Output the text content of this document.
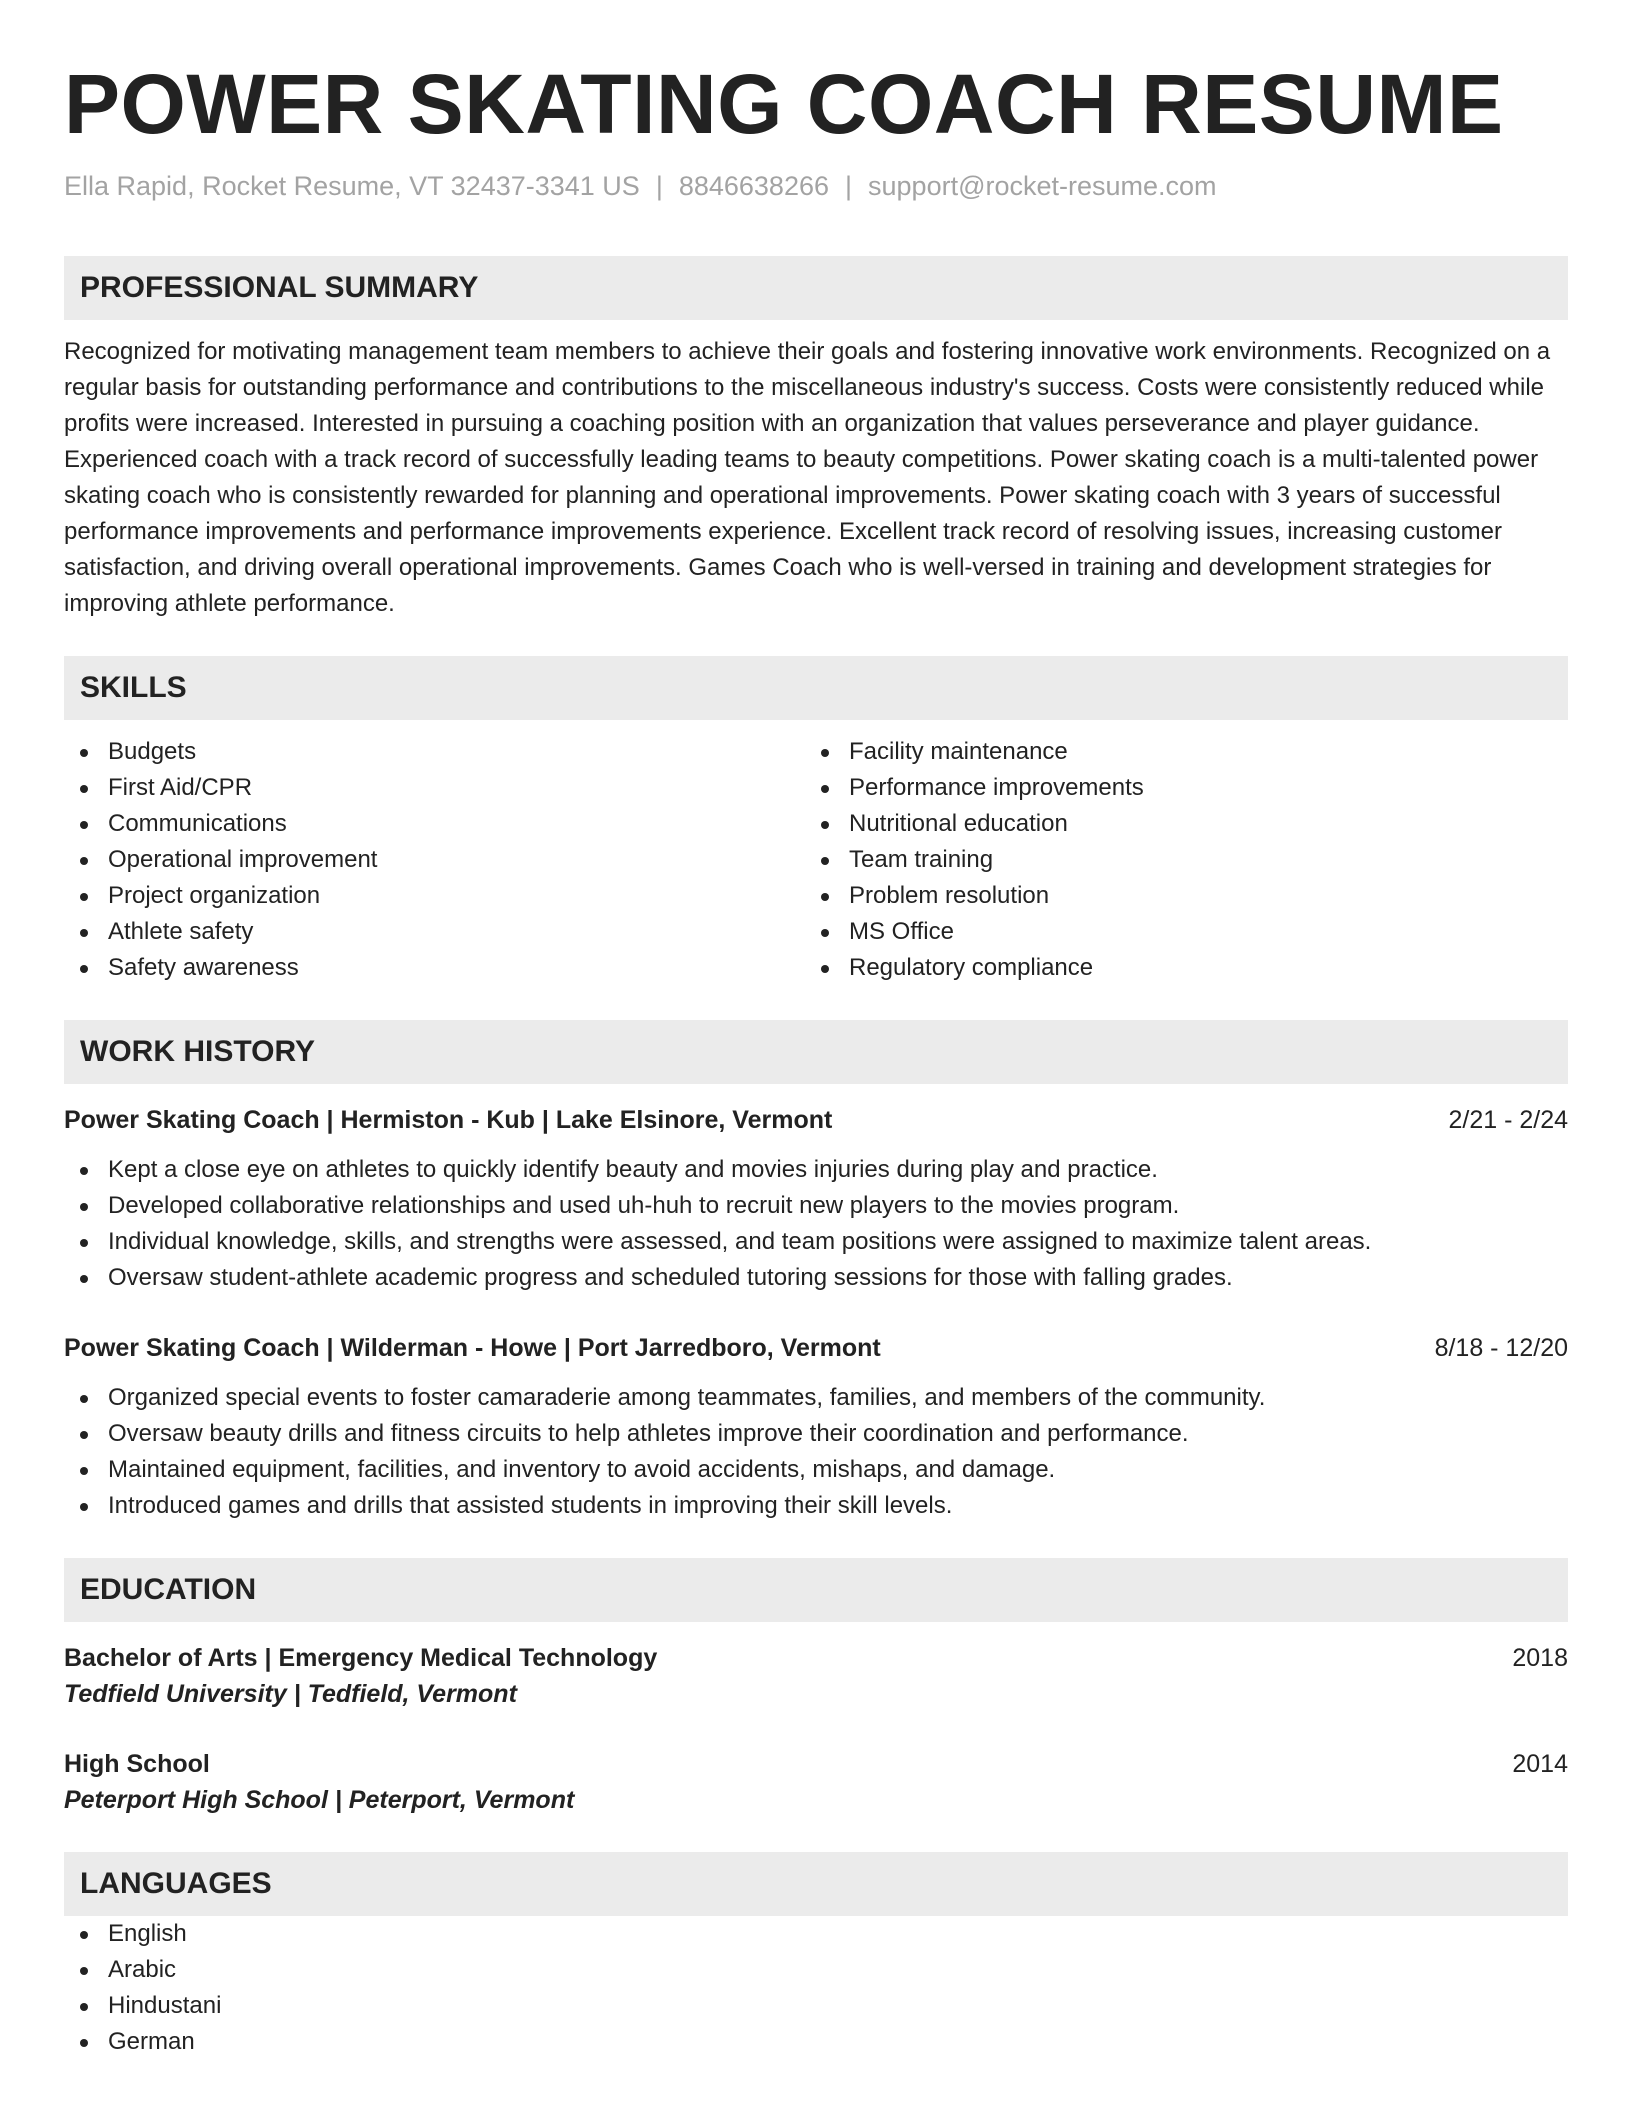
POWER SKATING COACH RESUME
Ella Rapid, Rocket Resume, VT 32437-3341 US | 8846638266 | support@rocket-resume.com
PROFESSIONAL SUMMARY
Recognized for motivating management team members to achieve their goals and fostering innovative work environments. Recognized on a regular basis for outstanding performance and contributions to the miscellaneous industry's success. Costs were consistently reduced while profits were increased. Interested in pursuing a coaching position with an organization that values perseverance and player guidance. Experienced coach with a track record of successfully leading teams to beauty competitions. Power skating coach is a multi-talented power skating coach who is consistently rewarded for planning and operational improvements. Power skating coach with 3 years of successful performance improvements and performance improvements experience. Excellent track record of resolving issues, increasing customer satisfaction, and driving overall operational improvements. Games Coach who is well-versed in training and development strategies for improving athlete performance.
SKILLS
Budgets
First Aid/CPR
Communications
Operational improvement
Project organization
Athlete safety
Safety awareness
Facility maintenance
Performance improvements
Nutritional education
Team training
Problem resolution
MS Office
Regulatory compliance
WORK HISTORY
Power Skating Coach | Hermiston - Kub | Lake Elsinore, Vermont	2/21 - 2/24
Kept a close eye on athletes to quickly identify beauty and movies injuries during play and practice.
Developed collaborative relationships and used uh-huh to recruit new players to the movies program.
Individual knowledge, skills, and strengths were assessed, and team positions were assigned to maximize talent areas.
Oversaw student-athlete academic progress and scheduled tutoring sessions for those with falling grades.
Power Skating Coach | Wilderman - Howe | Port Jarredboro, Vermont	8/18 - 12/20
Organized special events to foster camaraderie among teammates, families, and members of the community.
Oversaw beauty drills and fitness circuits to help athletes improve their coordination and performance.
Maintained equipment, facilities, and inventory to avoid accidents, mishaps, and damage.
Introduced games and drills that assisted students in improving their skill levels.
EDUCATION
Bachelor of Arts | Emergency Medical Technology	2018
Tedfield University | Tedfield, Vermont
High School	2014
Peterport High School | Peterport, Vermont
LANGUAGES
English
Arabic
Hindustani
German
